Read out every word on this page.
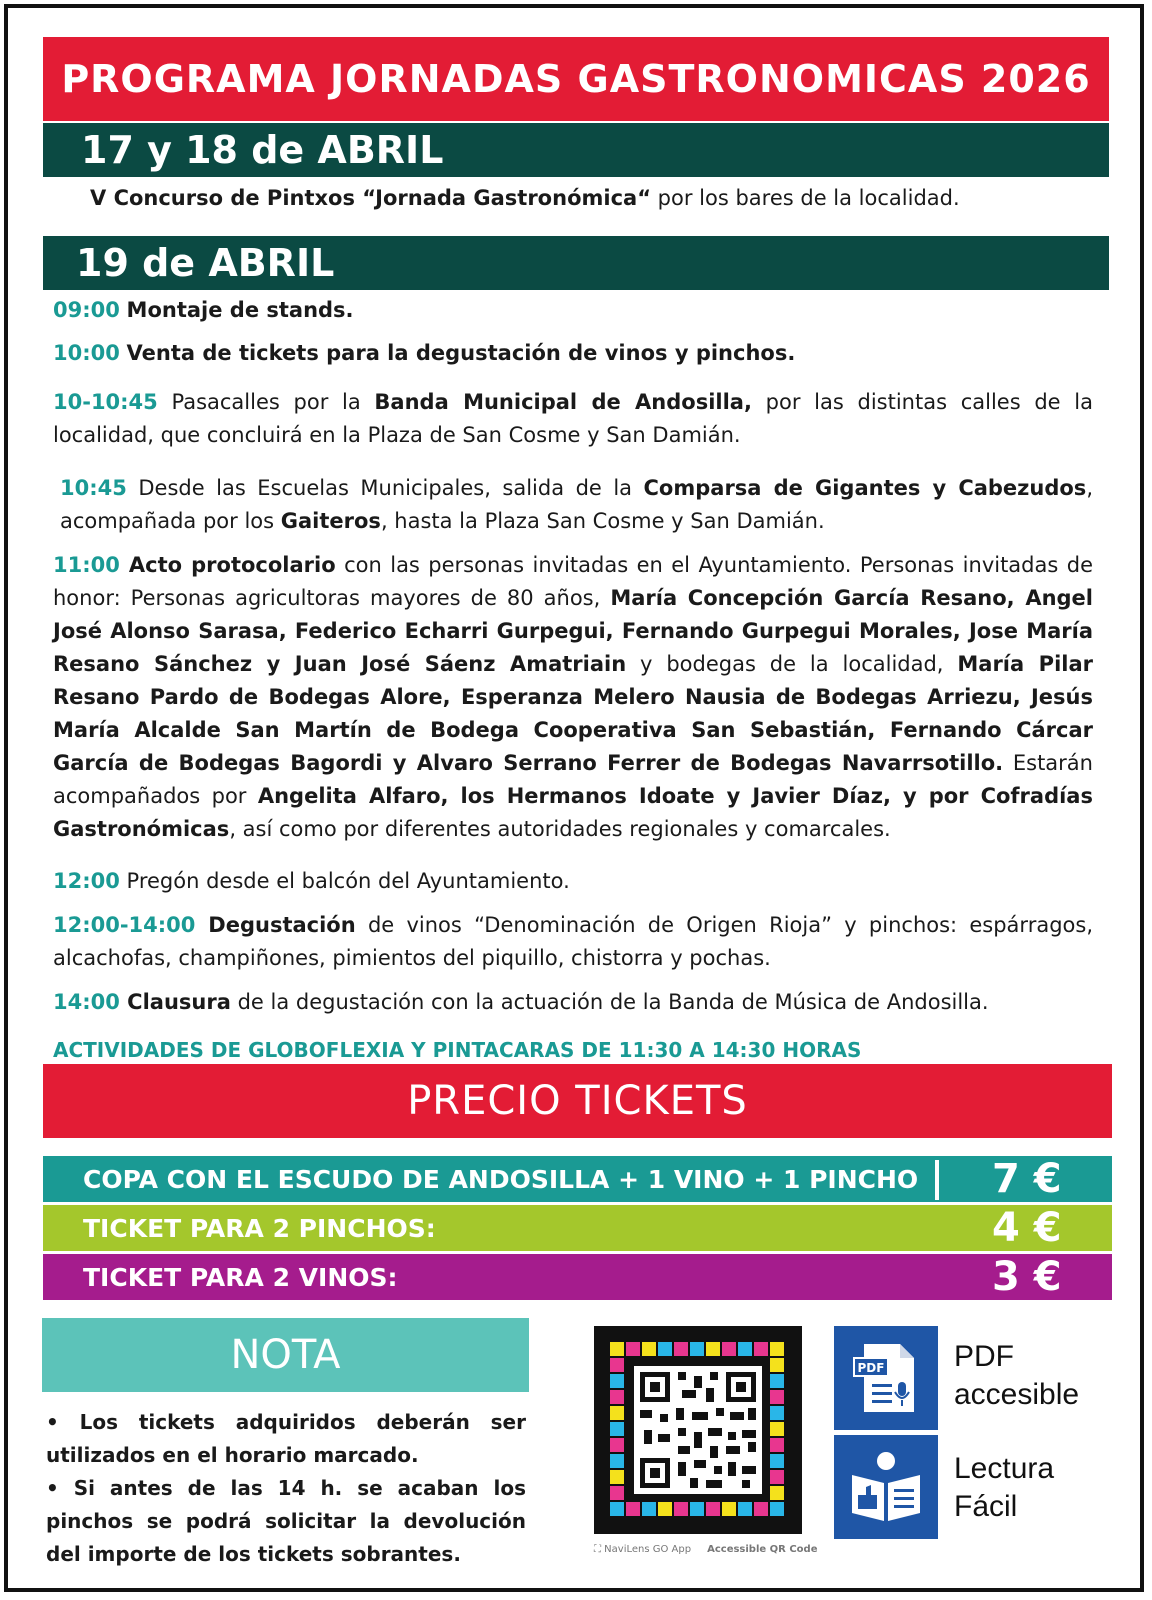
PROGRAMA JORNADAS GASTRONOMICAS 2026
17 y 18 de ABRIL
V Concurso de Pintxos “Jornada Gastronómica“ por los bares de la localidad.
19 de ABRIL
09:00 Montaje de stands.
10:00 Venta de tickets para la degustación de vinos y pinchos.
10-10:45 Pasacalles por la Banda Municipal de Andosilla, por las distintas calles de la localidad, que concluirá en la Plaza de San Cosme y San Damián.
10:45 Desde las Escuelas Municipales, salida de la Comparsa de Gigantes y Cabezudos, acompañada por los Gaiteros, hasta la Plaza San Cosme y San Damián.
11:00 Acto protocolario con las personas invitadas en el Ayuntamiento. Personas invitadas de honor: Personas agricultoras mayores de 80 años, María Concepción García Resano, Angel José Alonso Sarasa, Federico Echarri Gurpegui, Fernando Gurpegui Morales, Jose María Resano Sánchez y Juan José Sáenz Amatriain y bodegas de la localidad, María Pilar Resano Pardo de Bodegas Alore, Esperanza Melero Nausia de Bodegas Arriezu, Jesús María Alcalde San Martín de Bodega Cooperativa San Sebastián, Fernando Cárcar García de Bodegas Bagordi y Alvaro Serrano Ferrer de Bodegas Navarrsotillo. Estarán acompañados por Angelita Alfaro, los Hermanos Idoate y Javier Díaz, y por Cofradías Gastronómicas, así como por diferentes autoridades regionales y comarcales.
12:00 Pregón desde el balcón del Ayuntamiento.
12:00-14:00 Degustación de vinos “Denominación de Origen Rioja” y pinchos: espárragos, alcachofas, champiñones, pimientos del piquillo, chistorra y pochas.
14:00 Clausura de la degustación con la actuación de la Banda de Música de Andosilla.
ACTIVIDADES DE GLOBOFLEXIA Y PINTACARAS DE 11:30 A 14:30 HORAS
PRECIO TICKETS
COPA CON EL ESCUDO DE ANDOSILLA + 1 VINO + 1 PINCHO	7 €
TICKET PARA 2 PINCHOS:	4 €
TICKET PARA 2 VINOS:	3 €
NOTA
• Los tickets adquiridos deberán ser utilizados en el horario marcado.
• Si antes de las 14 h. se acaban los pinchos se podrá solicitar la devolución del importe de los tickets sobrantes.	⛶ NaviLens GO App Accessible QR Code
PDF PDF
accesible
Lectura
Fácil
